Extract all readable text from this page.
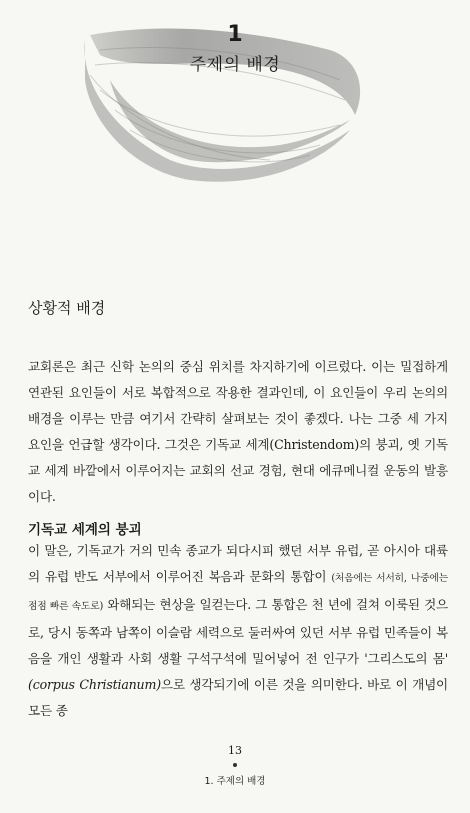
1
주제의 배경
상황적 배경

교회론은 최근 신학 논의의 중심 위치를 차지하기에 이르렀다. 이는 밀접하게 연관된 요인들이 서로 복합적으로 작용한 결과인데, 이 요인들이 우리 논의의 배경을 이루는 만큼 여기서 간략히 살펴보는 것이 좋겠다. 나는 그중 세 가지 요인을 언급할 생각이다. 그것은 기독교 세계(Christendom)의 붕괴, 옛 기독교 세계 바깥에서 이루어지는 교회의 선교 경험, 현대 에큐메니컬 운동의 발흥이다.

기독교 세계의 붕괴

이 말은, 기독교가 거의 민속 종교가 되다시피 했던 서부 유럽, 곧 아시아 대륙의 유럽 반도 서부에서 이루어진 복음과 문화의 통합이 (처음에는 서서히, 나중에는 점점 빠른 속도로) 와해되는 현상을 일컫는다. 그 통합은 천 년에 걸쳐 이룩된 것으로, 당시 동쪽과 남쪽이 이슬람 세력으로 둘러싸여 있던 서부 유럽 민족들이 복음을 개인 생활과 사회 생활 구석구석에 밀어넣어 전 인구가 '그리스도의 몸' (corpus Christianum)으로 생각되기에 이른 것을 의미한다. 바로 이 개념이 모든 종

13
1. 주제의 배경
